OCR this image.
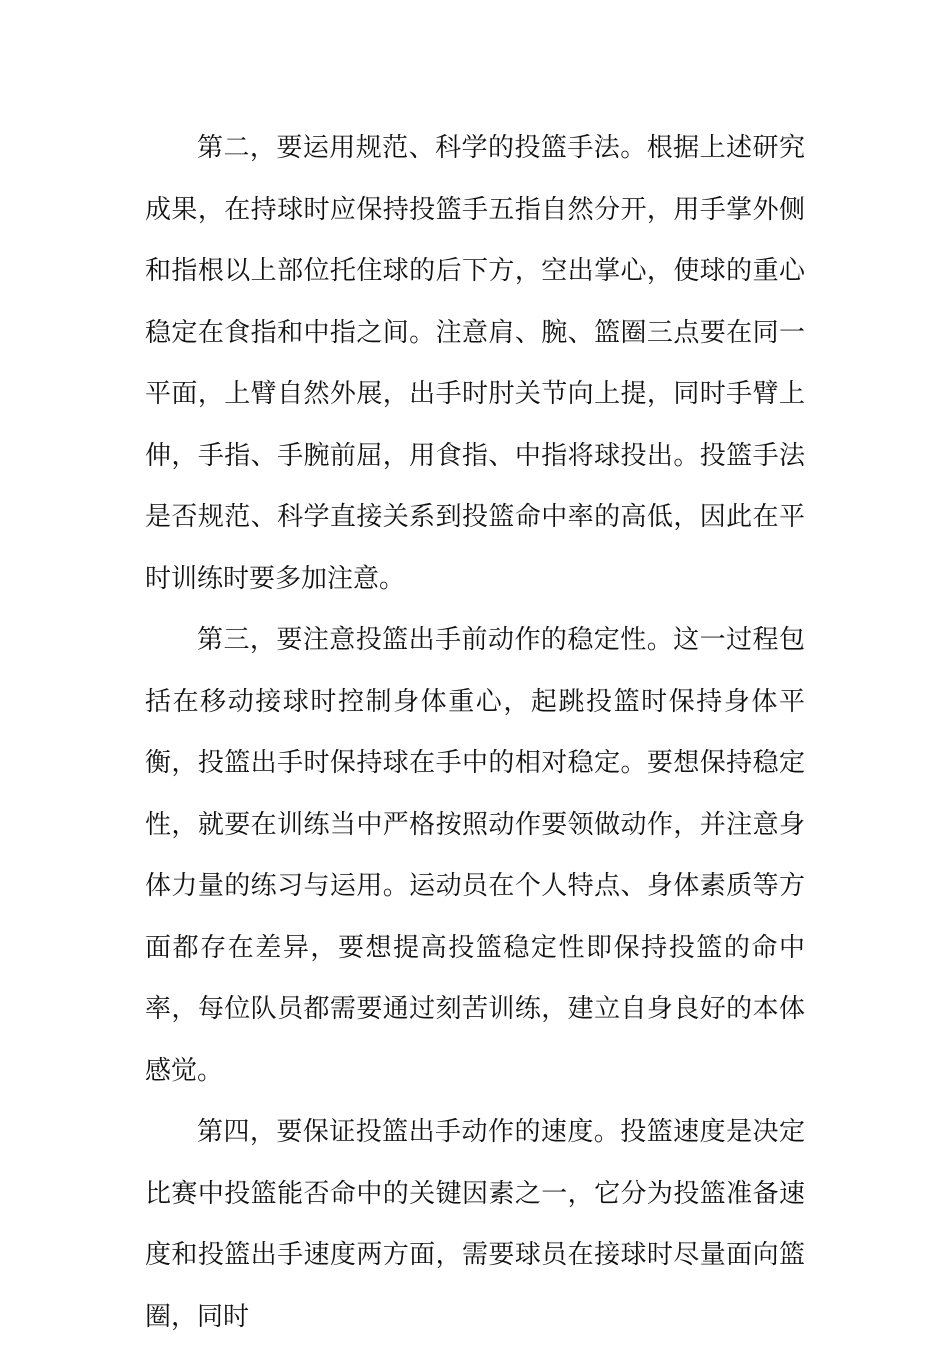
第二，要运用规范、科学的投篮手法。根据上述研究成果，在持球时应保持投篮手五指自然分开，用手掌外侧和指根以上部位托住球的后下方，空出掌心，使球的重心稳定在食指和中指之间。注意肩、腕、篮圈三点要在同一平面，上臂自然外展，出手时肘关节向上提，同时手臂上伸，手指、手腕前屈，用食指、中指将球投出。投篮手法是否规范、科学直接关系到投篮命中率的高低，因此在平时训练时要多加注意。

第三，要注意投篮出手前动作的稳定性。这一过程包括在移动接球时控制身体重心，起跳投篮时保持身体平衡，投篮出手时保持球在手中的相对稳定。要想保持稳定性，就要在训练当中严格按照动作要领做动作，并注意身体力量的练习与运用。运动员在个人特点、身体素质等方面都存在差异，要想提高投篮稳定性即保持投篮的命中率，每位队员都需要通过刻苦训练，建立自身良好的本体感觉。

第四，要保证投篮出手动作的速度。投篮速度是决定比赛中投篮能否命中的关键因素之一，它分为投篮准备速度和投篮出手速度两方面，需要球员在接球时尽量面向篮圈，同时
